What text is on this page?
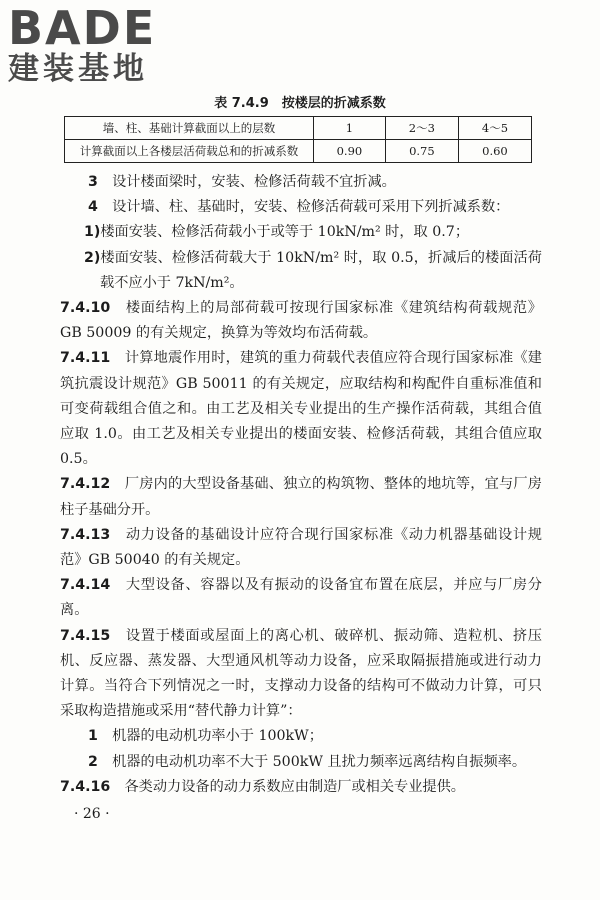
BADE
建装基地
表 7.4.9　按楼层的折减系数
墙、柱、基础计算截面以上的层数	1	2～3	4～5
计算截面以上各楼层活荷载总和的折减系数	0.90	0.75	0.60

3　 设计楼面梁时，安装、检修活荷载不宜折减。

4　 设计墙、柱、基础时，安装、检修活荷载可采用下列折减系数：

1)楼面安装、检修活荷载小于或等于 10kN/m² 时，取 0.7；

2)楼面安装、检修活荷载大于 10kN/m² 时，取 0.5，折减后的楼面活荷载不应小于 7kN/m²。

7.4.10　 楼面结构上的局部荷载可按现行国家标准《建筑结构荷载规范》GB 50009 的有关规定，换算为等效均布活荷载。

7.4.11　 计算地震作用时，建筑的重力荷载代表值应符合现行国家标准《建筑抗震设计规范》GB 50011 的有关规定，应取结构和构配件自重标准值和可变荷载组合值之和。由工艺及相关专业提出的生产操作活荷载，其组合值应取 1.0。由工艺及相关专业提出的楼面安装、检修活荷载，其组合值应取 0.5。

7.4.12　 厂房内的大型设备基础、独立的构筑物、整体的地坑等，宜与厂房柱子基础分开。

7.4.13　 动力设备的基础设计应符合现行国家标准《动力机器基础设计规范》GB 50040 的有关规定。

7.4.14　 大型设备、容器以及有振动的设备宜布置在底层，并应与厂房分离。

7.4.15　 设置于楼面或屋面上的离心机、破碎机、振动筛、造粒机、挤压机、反应器、蒸发器、大型通风机等动力设备，应采取隔振措施或进行动力计算。当符合下列情况之一时，支撑动力设备的结构可不做动力计算，可只采取构造措施或采用“替代静力计算”：

1　 机器的电动机功率小于 100kW；

2　 机器的电动机功率不大于 500kW 且扰力频率远离结构自振频率。

7.4.16　 各类动力设备的动力系数应由制造厂或相关专业提供。

· 26 ·
